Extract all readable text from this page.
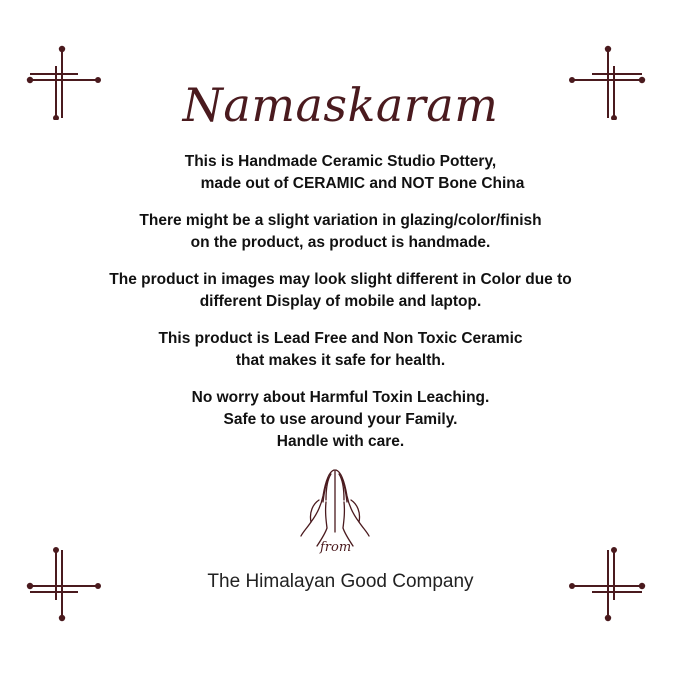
Namaskaram
This is Handmade Ceramic Studio Pottery,
made out of CERAMIC and NOT Bone China
There might be a slight variation in glazing/color/finish
on the product, as product is handmade.
The product in images may look slight different in Color due to
different Display of mobile and laptop.
This product is Lead Free and Non Toxic Ceramic
that makes it safe for health.
No worry about Harmful Toxin Leaching.
Safe to use around your Family.
Handle with care.
from
The Himalayan Good Company
